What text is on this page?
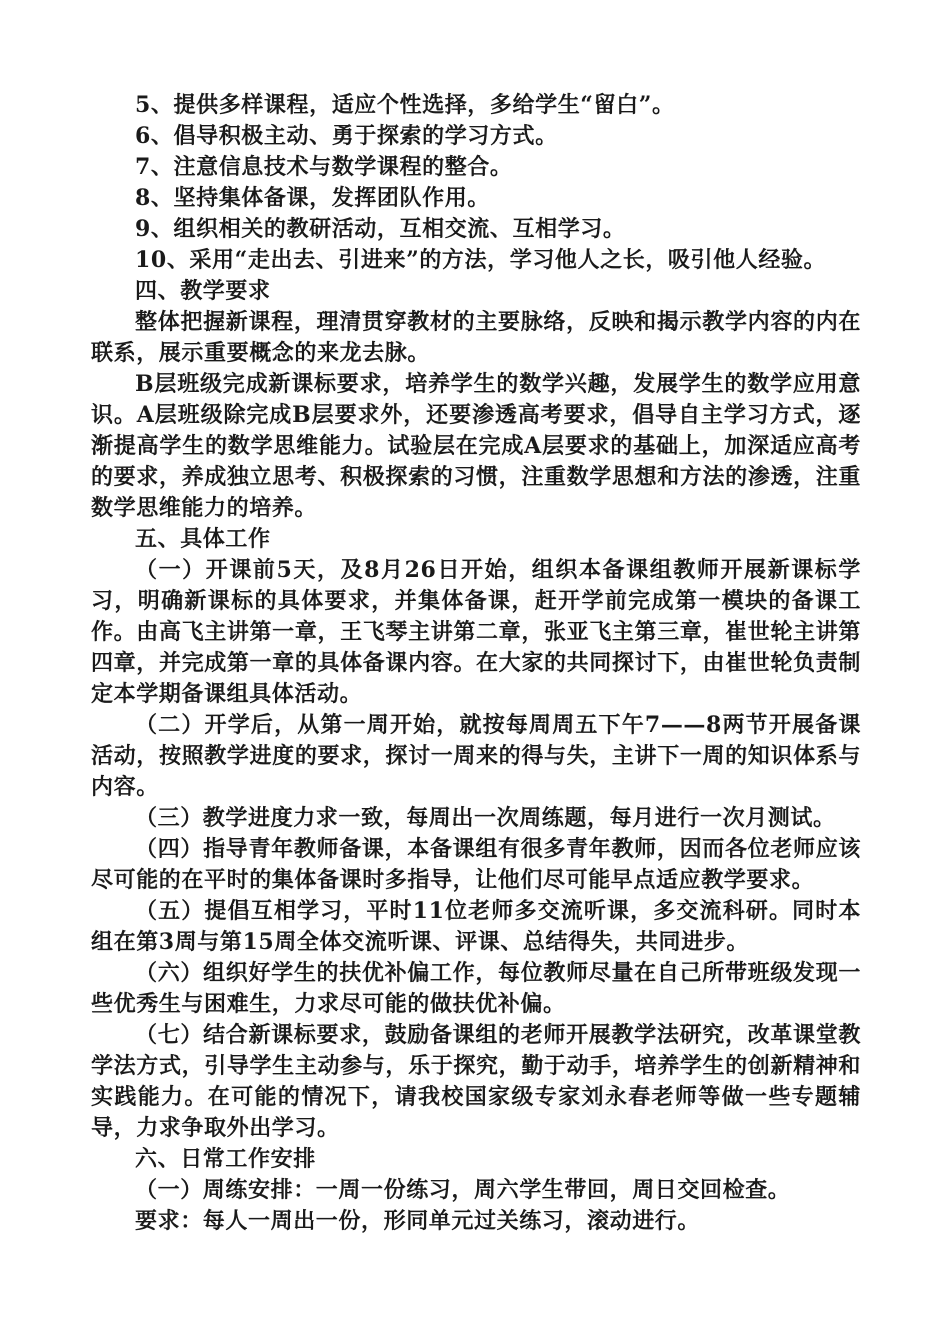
5、提供多样课程，适应个性选择，多给学生“留白”。

6、倡导积极主动、勇于探索的学习方式。

7、注意信息技术与数学课程的整合。

8、坚持集体备课，发挥团队作用。

9、组织相关的教研活动，互相交流、互相学习。

10、采用“走出去、引进来”的方法，学习他人之长，吸引他人经验。

四、教学要求

整体把握新课程，理清贯穿教材的主要脉络，反映和揭示教学内容的内在联系，展示重要概念的来龙去脉。

B层班级完成新课标要求，培养学生的数学兴趣，发展学生的数学应用意识。A层班级除完成B层要求外，还要渗透高考要求，倡导自主学习方式，逐渐提高学生的数学思维能力。试验层在完成A层要求的基础上，加深适应高考的要求，养成独立思考、积极探索的习惯，注重数学思想和方法的渗透，注重数学思维能力的培养。

五、具体工作

（一）开课前5天，及8月26日开始，组织本备课组教师开展新课标学习，明确新课标的具体要求，并集体备课，赶开学前完成第一模块的备课工作。由高飞主讲第一章，王飞琴主讲第二章，张亚飞主第三章，崔世轮主讲第四章，并完成第一章的具体备课内容。在大家的共同探讨下，由崔世轮负责制定本学期备课组具体活动。

（二）开学后，从第一周开始，就按每周周五下午7——8两节开展备课活动，按照教学进度的要求，探讨一周来的得与失，主讲下一周的知识体系与内容。

（三）教学进度力求一致，每周出一次周练题，每月进行一次月测试。

（四）指导青年教师备课，本备课组有很多青年教师，因而各位老师应该尽可能的在平时的集体备课时多指导，让他们尽可能早点适应教学要求。

（五）提倡互相学习，平时11位老师多交流听课，多交流科研。同时本组在第3周与第15周全体交流听课、评课、总结得失，共同进步。

（六）组织好学生的扶优补偏工作，每位教师尽量在自己所带班级发现一些优秀生与困难生，力求尽可能的做扶优补偏。

（七）结合新课标要求，鼓励备课组的老师开展教学法研究，改革课堂教学法方式，引导学生主动参与，乐于探究，勤于动手，培养学生的创新精神和实践能力。在可能的情况下，请我校国家级专家刘永春老师等做一些专题辅导，力求争取外出学习。

六、日常工作安排

（一）周练安排：一周一份练习，周六学生带回，周日交回检查。

要求：每人一周出一份，形同单元过关练习，滚动进行。
